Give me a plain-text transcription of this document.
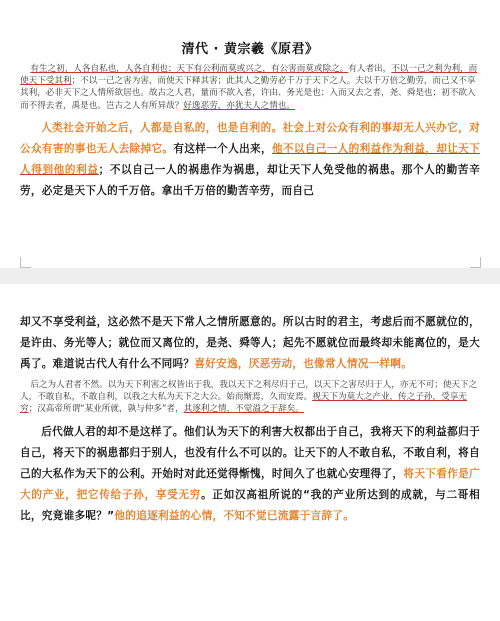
清代 · 黄宗羲《原君》

有生之初，人各自私也，人各自利也；天下有公利而莫或兴之，有公害而莫或除之。有人者出，不以一己之利为利，而使天下受其利；不以一己之害为害，而使天下释其害；此其人之勤劳必千万于天下之人。夫以千万倍之勤劳，而己又不享其利，必非天下之人情所欲居也。故古之人君，量而不欲入者，许由、务光是也；入而又去之者，尧、舜是也；初不欲入而不得去者，禹是也。岂古之人有所异哉？好逸恶劳，亦犹夫人之情也。

人类社会开始之后，人都是自私的，也是自利的。社会上对公众有利的事却无人兴办它，对公众有害的事也无人去除掉它。有这样一个人出来，他不以自己一人的利益作为利益，却让天下人得到他的利益；不以自己一人的祸患作为祸患，却让天下人免受他的祸患。那个人的勤苦辛劳，必定是天下人的千万倍。拿出千万倍的勤苦辛劳，而自己

却又不享受利益，这必然不是天下常人之情所愿意的。所以古时的君主，考虑后而不愿就位的，是许由、务光等人；就位而又离位的，是尧、舜等人；起先不愿就位而最终却未能离位的，是大禹了。难道说古代人有什么不同吗？喜好安逸，厌恶劳动，也像常人情况一样啊。

后之为人君者不然。以为天下利害之权皆出于我，我以天下之利尽归于己，以天下之害尽归于人，亦无不可；使天下之人，不敢自私，不敢自利，以我之大私为天下之大公。始而惭焉，久而安焉。视天下为莫大之产业，传之子孙，受享无穷；汉高帝所谓“某业所就，孰与仲多”者，其逐利之情，不觉溢之于辞矣。

后代做人君的却不是这样了。他们认为天下的利害大权都出于自己，我将天下的利益都归于自己，将天下的祸患都归于别人，也没有什么不可以的。让天下的人不敢自私，不敢自利，将自己的大私作为天下的公利。开始时对此还觉得惭愧，时间久了也就心安理得了，将天下看作是广大的产业，把它传给子孙，享受无穷。正如汉高祖所说的“我的产业所达到的成就，与二哥相比，究竟谁多呢？”他的追逐利益的心情，不知不觉已流露于言辞了。
